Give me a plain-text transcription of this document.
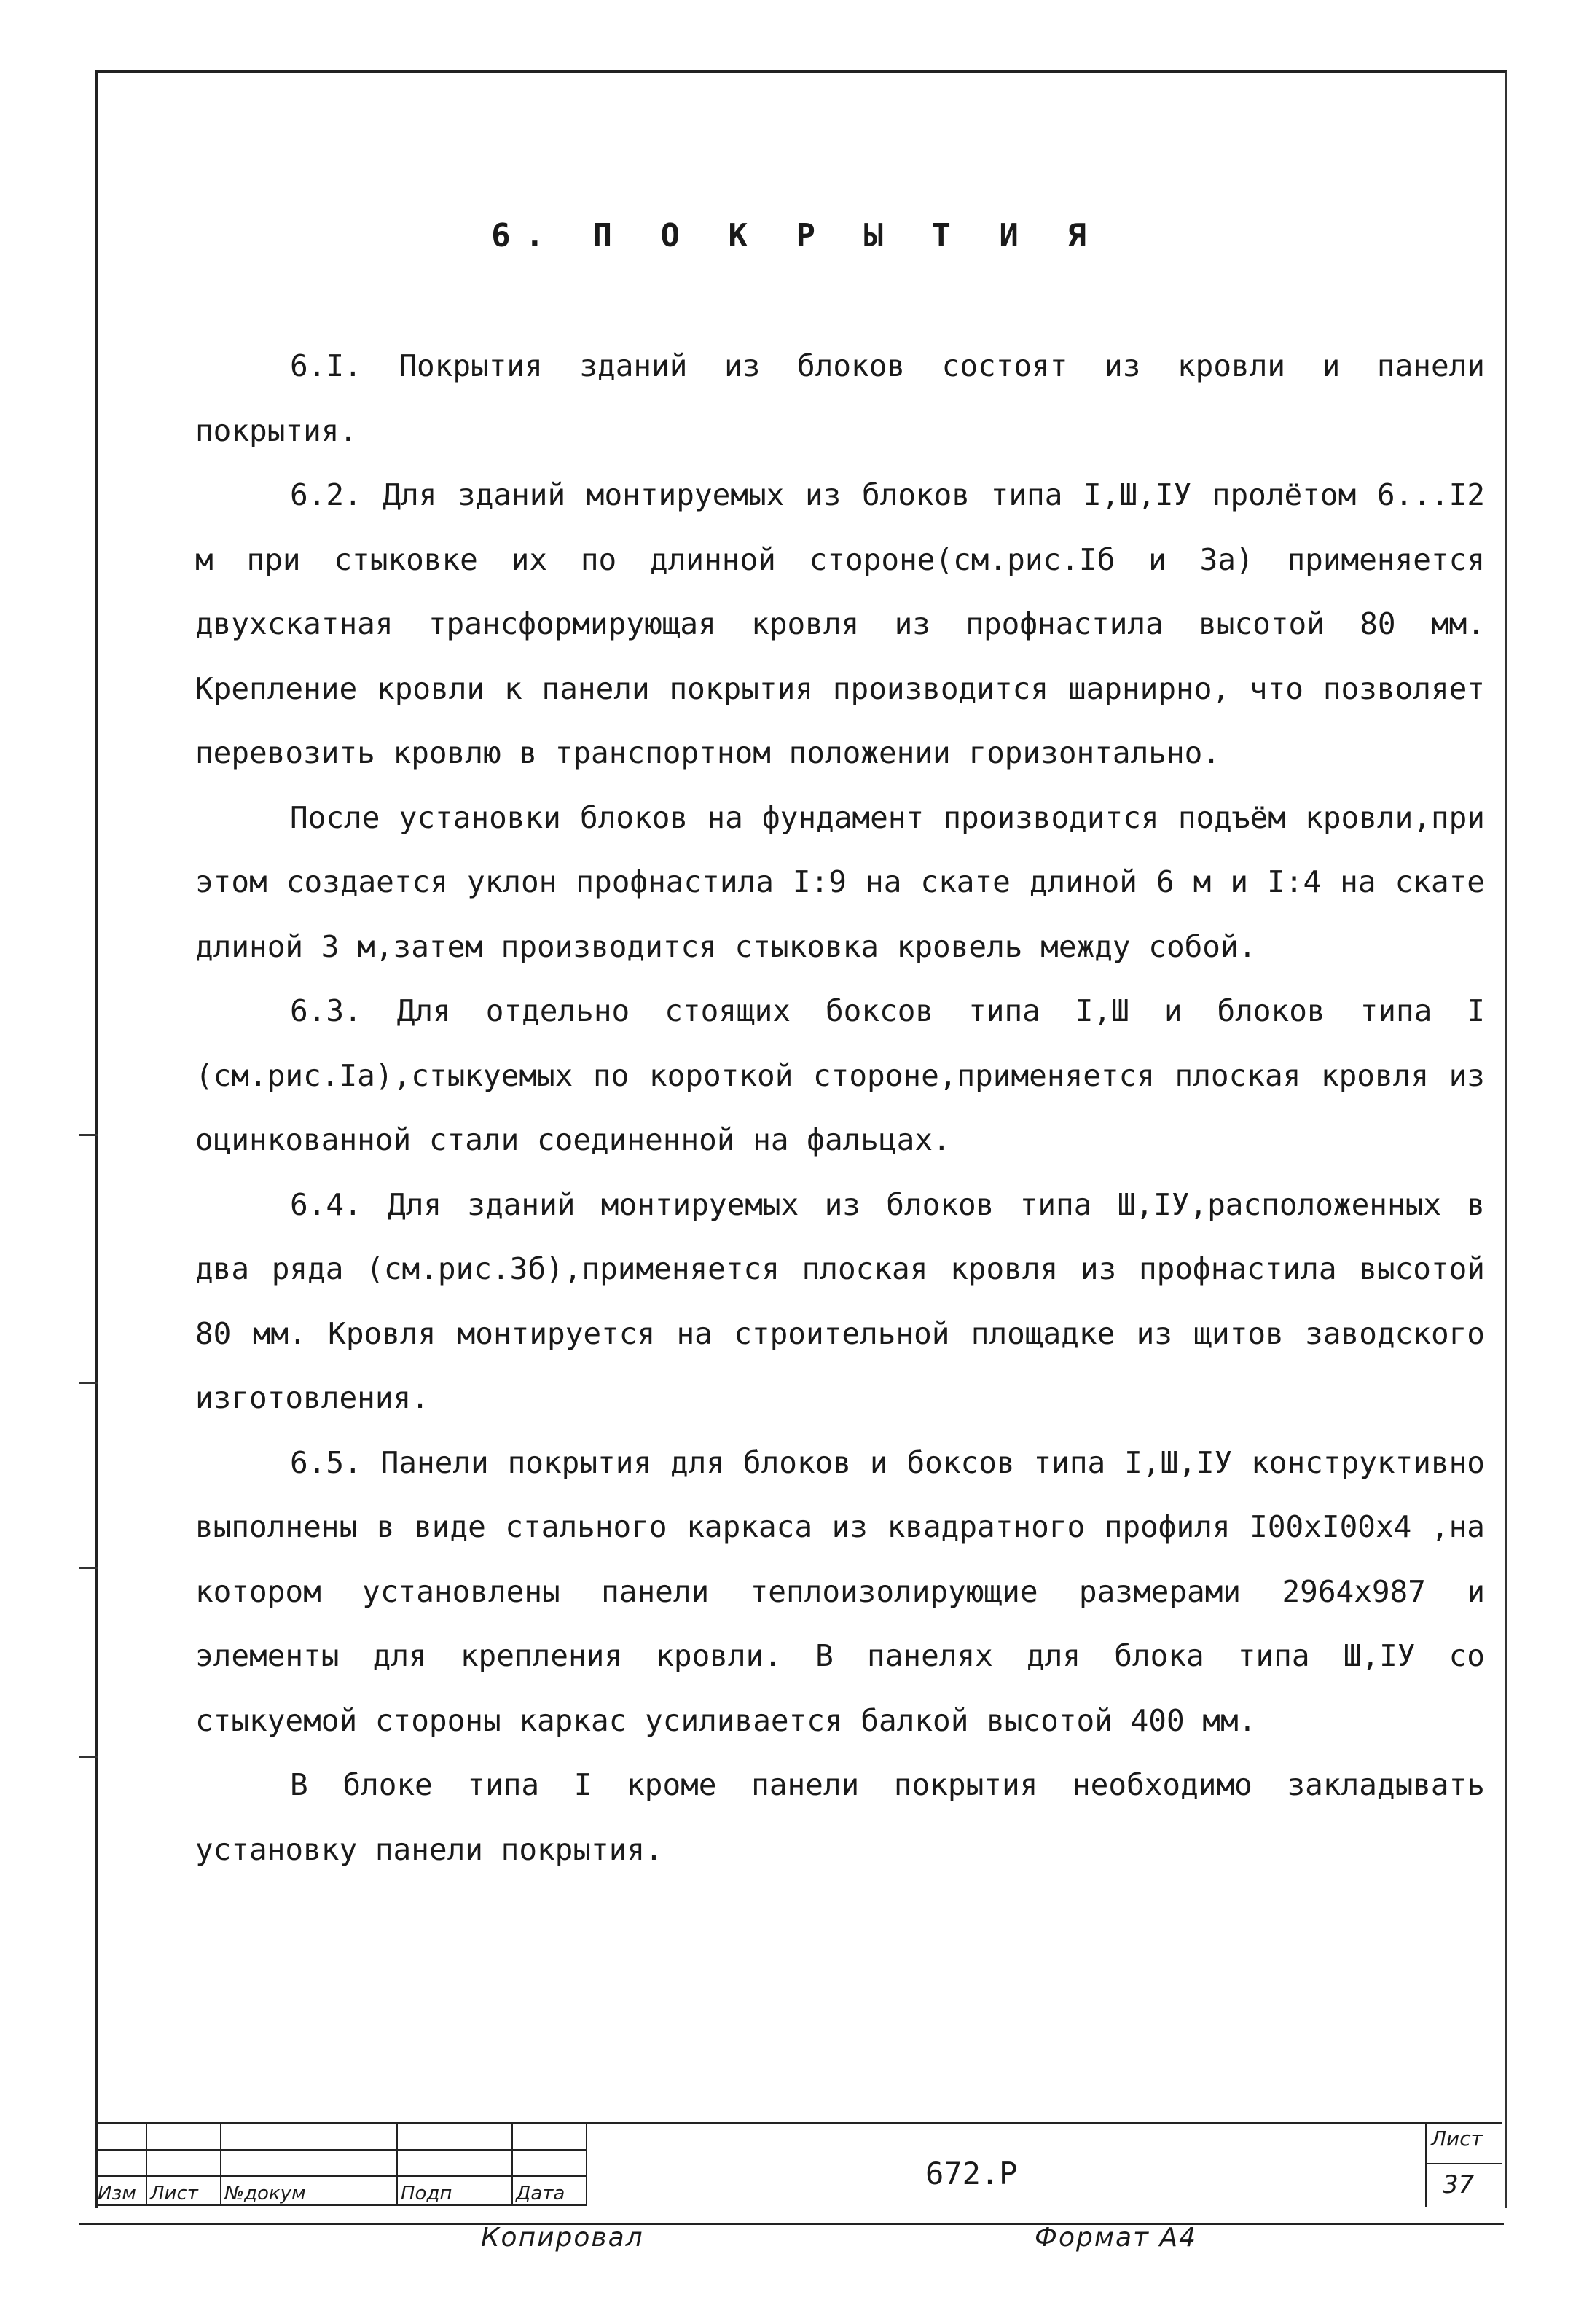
6. П О К Р Ы Т И Я

6.I. Покрытия зданий из блоков состоят из кровли и панели покрытия.

6.2. Для зданий монтируемых из блоков типа I,Ш,IУ пролётом 6...I2 м при стыковке их по длинной стороне(см.рис.Iб и 3а) применяется двухскатная трансформирующая кровля из профнастила высотой 80 мм. Крепление кровли к панели покрытия производится шарнирно, что позволяет перевозить кровлю в транспортном положении горизонтально.

После установки блоков на фундамент производится подъём кровли,при этом создается уклон профнастила I:9 на скате длиной 6 м и I:4 на скате длиной 3 м,затем производится стыковка кровель между собой.

6.3. Для отдельно стоящих боксов типа I,Ш и блоков типа I (см.рис.Iа),стыкуемых по короткой стороне,применяется плоская кровля из оцинкованной стали соединенной на фальцах.

6.4. Для зданий монтируемых из блоков типа Ш,IУ,расположенных в два ряда (см.рис.3б),применяется плоская кровля из профнастила высотой 80 мм. Кровля монтируется на строительной площадке из щитов заводского изготовления.

6.5. Панели покрытия для блоков и боксов типа I,Ш,IУ конструктивно выполнены в виде стального каркаса из квадратного профиля I00xI00x4 ,на котором установлены панели теплоизолирующие размерами 2964x987 и элементы для крепления кровли. В панелях для блока типа Ш,IУ со стыкуемой стороны каркас усиливается балкой высотой 400 мм.

В блоке типа I кроме панели покрытия необходимо закладывать установку панели покрытия.

Изм	Лист	№докум	Подп	Дата
672.Р
Лист
37
Копировал	Формат А4
